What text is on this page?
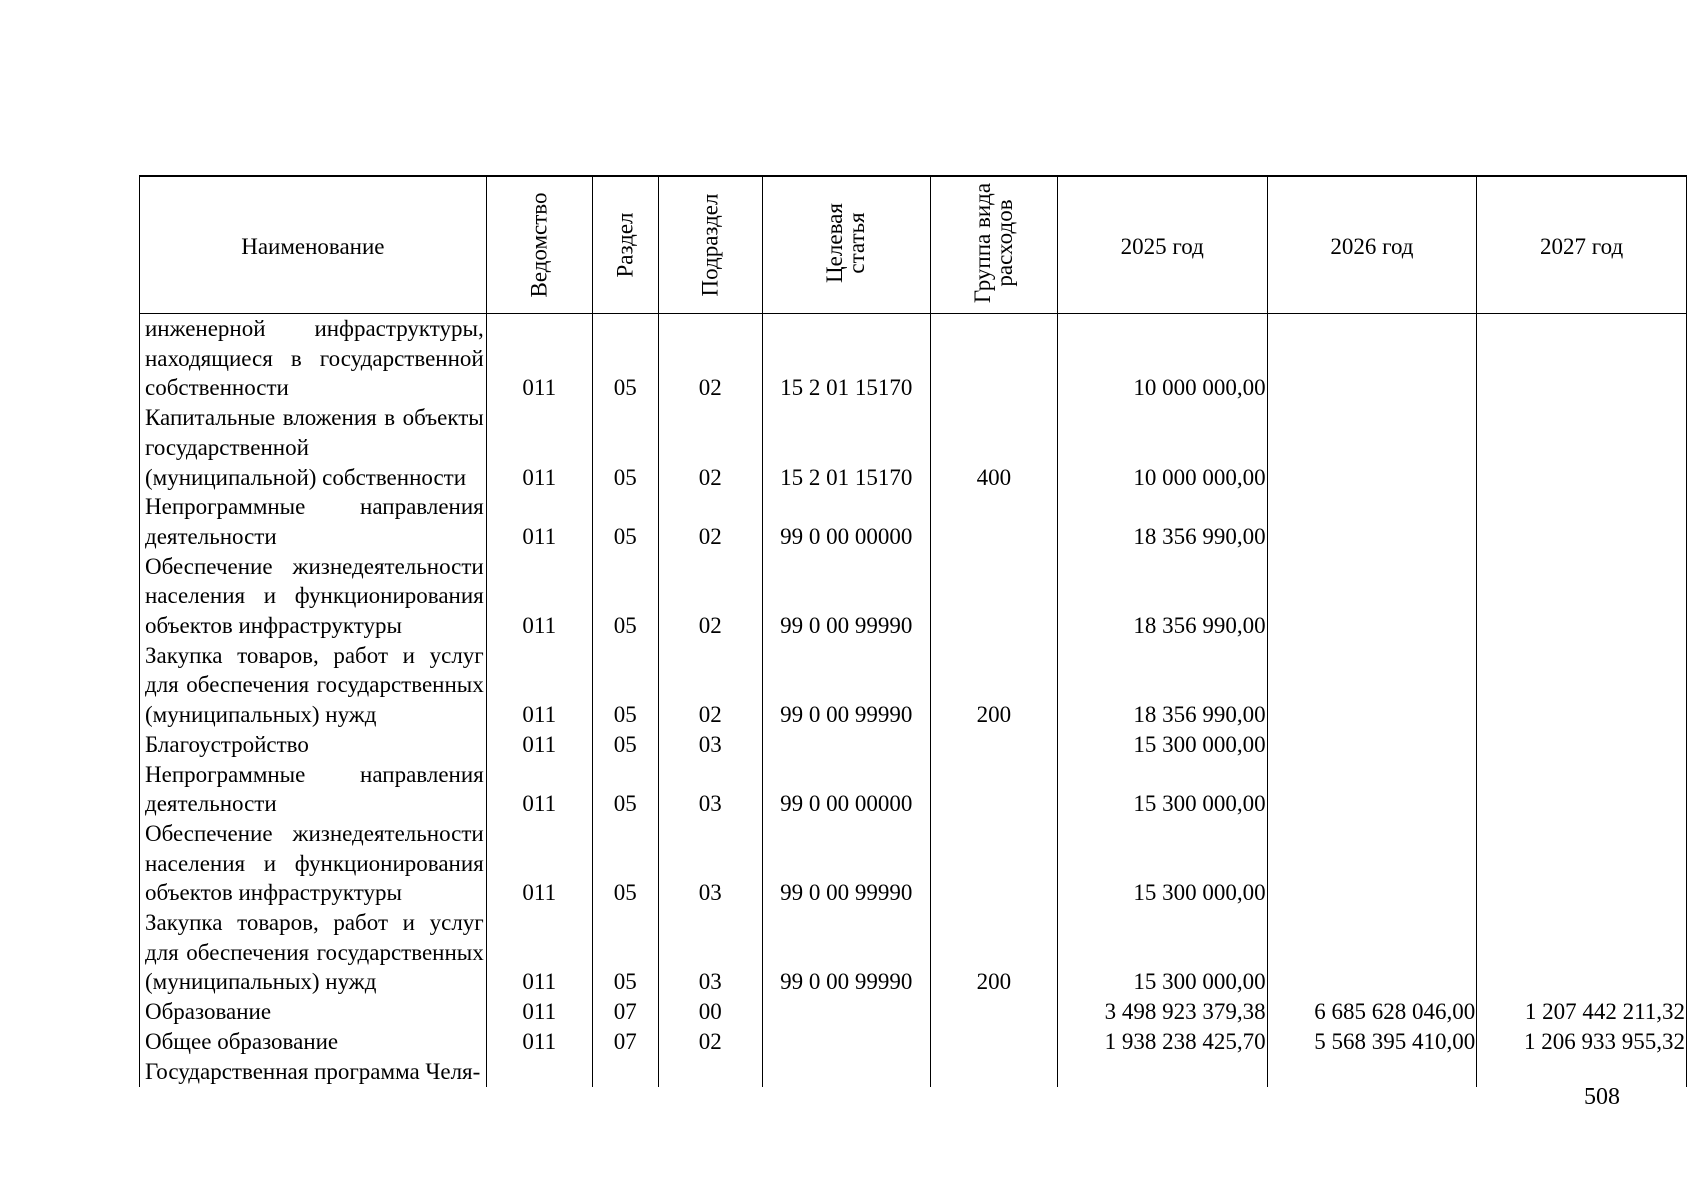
Наименование	Ведомство	Раздел	Подраздел	Целевая статья	Группа вида расходов	2025 год	2026 год	2027 год
инженерной инфраструктуры, находящиеся в государственной собственности	011	05	02	15 2 01 15170		10 000 000,00		
Капитальные вложения в объекты государственной (муниципальной) собственности	011	05	02	15 2 01 15170	400	10 000 000,00		
Непрограммные направления деятельности	011	05	02	99 0 00 00000		18 356 990,00		
Обеспечение жизнедеятельности населения и функционирования объектов инфраструктуры	011	05	02	99 0 00 99990		18 356 990,00		
Закупка товаров, работ и услуг для обеспечения государственных (муниципальных) нужд	011	05	02	99 0 00 99990	200	18 356 990,00		
Благоустройство	011	05	03			15 300 000,00		
Непрограммные направления деятельности	011	05	03	99 0 00 00000		15 300 000,00		
Обеспечение жизнедеятельности населения и функционирования объектов инфраструктуры	011	05	03	99 0 00 99990		15 300 000,00		
Закупка товаров, работ и услуг для обеспечения государственных (муниципальных) нужд	011	05	03	99 0 00 99990	200	15 300 000,00		
Образование	011	07	00			3 498 923 379,38	6 685 628 046,00	1 207 442 211,32
Общее образование	011	07	02			1 938 238 425,70	5 568 395 410,00	1 206 933 955,32
Государственная программа Челя-								
508
